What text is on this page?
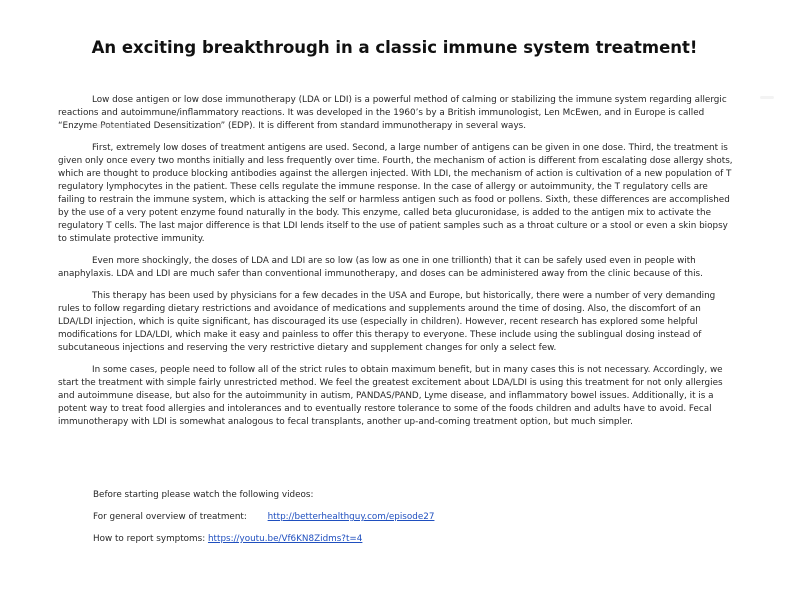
An exciting breakthrough in a classic immune system treatment!

Low dose antigen or low dose immunotherapy (LDA or LDI) is a powerful method of calming or stabilizing the immune system regarding allergic reactions and autoimmune/inflammatory reactions. It was developed in the 1960’s by a British immunologist, Len McEwen, and in Europe is called “Enzyme Potentiated Desensitization” (EDP). It is different from standard immunotherapy in several ways.

First, extremely low doses of treatment antigens are used. Second, a large number of antigens can be given in one dose. Third, the treatment is given only once every two months initially and less frequently over time. Fourth, the mechanism of action is different from escalating dose allergy shots, which are thought to produce blocking antibodies against the allergen injected. With LDI, the mechanism of action is cultivation of a new population of T regulatory lymphocytes in the patient. These cells regulate the immune response. In the case of allergy or autoimmunity, the T regulatory cells are failing to restrain the immune system, which is attacking the self or harmless antigen such as food or pollens. Sixth, these differences are accomplished by the use of a very potent enzyme found naturally in the body. This enzyme, called beta glucuronidase, is added to the antigen mix to activate the regulatory T cells. The last major difference is that LDI lends itself to the use of patient samples such as a throat culture or a stool or even a skin biopsy to stimulate protective immunity.

Even more shockingly, the doses of LDA and LDI are so low (as low as one in one trillionth) that it can be safely used even in people with anaphylaxis. LDA and LDI are much safer than conventional immunotherapy, and doses can be administered away from the clinic because of this.

This therapy has been used by physicians for a few decades in the USA and Europe, but historically, there were a number of very demanding rules to follow regarding dietary restrictions and avoidance of medications and supplements around the time of dosing. Also, the discomfort of an LDA/LDI injection, which is quite significant, has discouraged its use (especially in children). However, recent research has explored some helpful modifications for LDA/LDI, which make it easy and painless to offer this therapy to everyone. These include using the sublingual dosing instead of subcutaneous injections and reserving the very restrictive dietary and supplement changes for only a select few.

In some cases, people need to follow all of the strict rules to obtain maximum benefit, but in many cases this is not necessary. Accordingly, we start the treatment with simple fairly unrestricted method. We feel the greatest excitement about LDA/LDI is using this treatment for not only allergies and autoimmune disease, but also for the autoimmunity in autism, PANDAS/PAND, Lyme disease, and inflammatory bowel issues. Additionally, it is a potent way to treat food allergies and intolerances and to eventually restore tolerance to some of the foods children and adults have to avoid. Fecal immunotherapy with LDI is somewhat analogous to fecal transplants, another up-and-coming treatment option, but much simpler.

Before starting please watch the following videos:
For general overview of treatment: http://betterhealthguy.com/episode27
How to report symptoms: https://youtu.be/Vf6KN8Zidms?t=4
